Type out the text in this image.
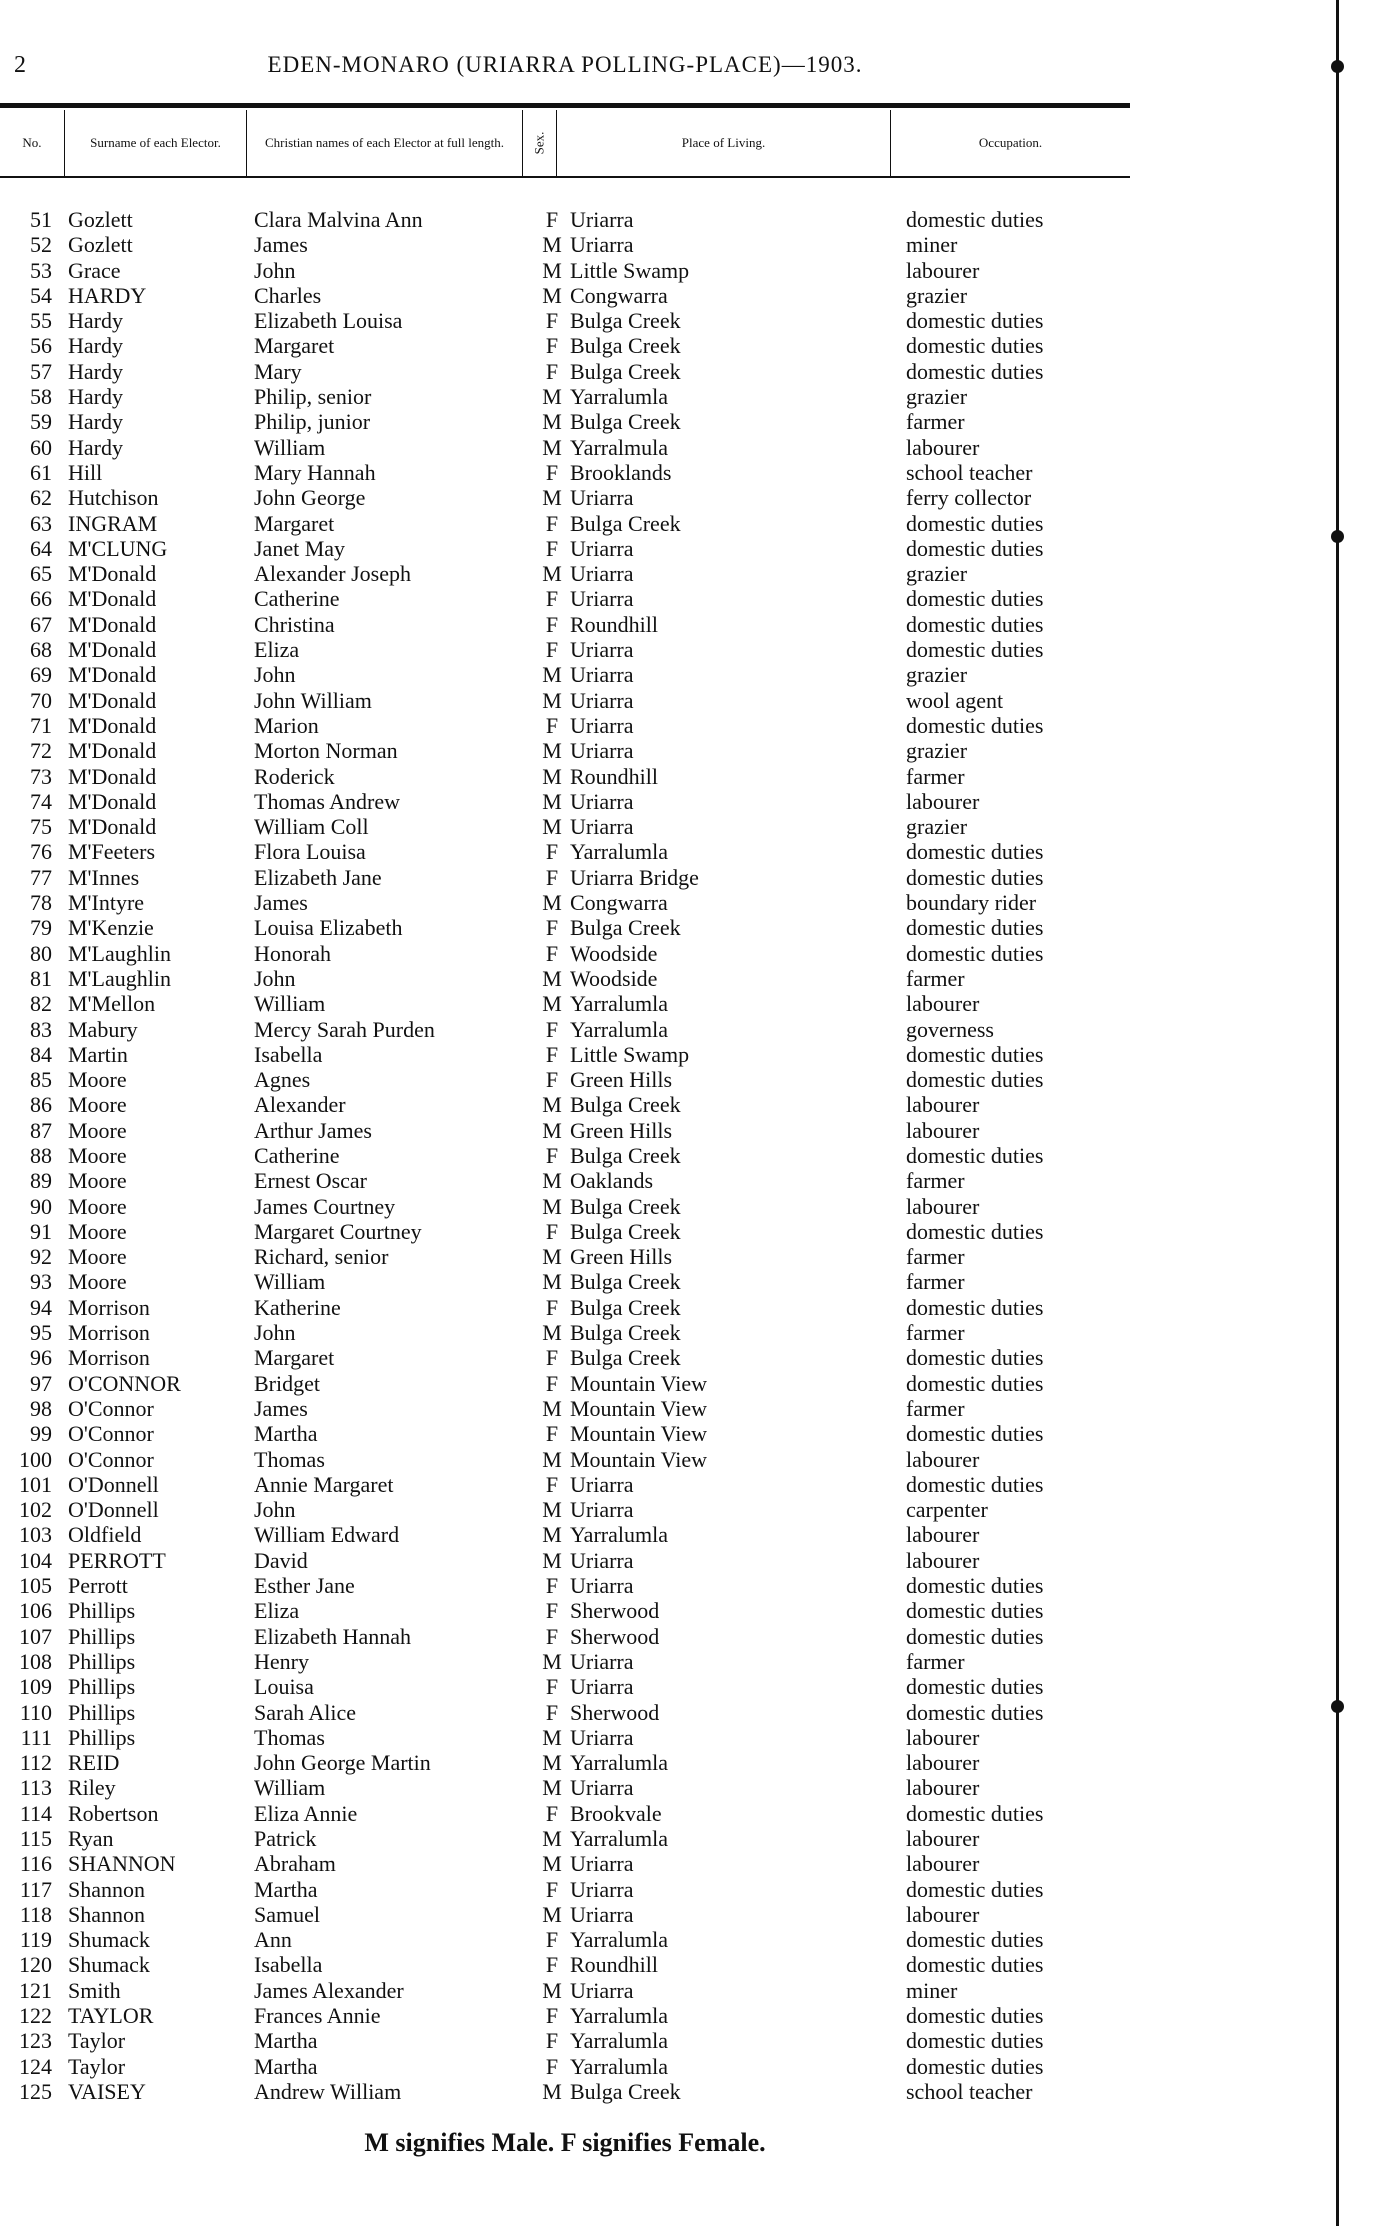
2	EDEN-MONARO (URIARRA POLLING-PLACE)—1903.
No.	Surname of each Elector.	Christian names of each Elector at full length.	Sex.	Place of Living.	Occupation.
51 Gozlett	Clara Malvina Ann	F Uriarra	domestic duties
52 Gozlett	James	M Uriarra	miner
53 Grace	John	M Little Swamp	labourer
54 HARDY	Charles	M Congwarra	grazier
55 Hardy	Elizabeth Louisa	F Bulga Creek	domestic duties
56 Hardy	Margaret	F Bulga Creek	domestic duties
57 Hardy	Mary	F Bulga Creek	domestic duties
58 Hardy	Philip, senior	M Yarralumla	grazier
59 Hardy	Philip, junior	M Bulga Creek	farmer
60 Hardy	William	M Yarralmula	labourer
61 Hill	Mary Hannah	F Brooklands	school teacher
62 Hutchison	John George	M Uriarra	ferry collector
63 INGRAM	Margaret	F Bulga Creek	domestic duties
64 M'CLUNG	Janet May	F Uriarra	domestic duties
65 M'Donald	Alexander Joseph	M Uriarra	grazier
66 M'Donald	Catherine	F Uriarra	domestic duties
67 M'Donald	Christina	F Roundhill	domestic duties
68 M'Donald	Eliza	F Uriarra	domestic duties
69 M'Donald	John	M Uriarra	grazier
70 M'Donald	John William	M Uriarra	wool agent
71 M'Donald	Marion	F Uriarra	domestic duties
72 M'Donald	Morton Norman	M Uriarra	grazier
73 M'Donald	Roderick	M Roundhill	farmer
74 M'Donald	Thomas Andrew	M Uriarra	labourer
75 M'Donald	William Coll	M Uriarra	grazier
76 M'Feeters	Flora Louisa	F Yarralumla	domestic duties
77 M'Innes	Elizabeth Jane	F Uriarra Bridge	domestic duties
78 M'Intyre	James	M Congwarra	boundary rider
79 M'Kenzie	Louisa Elizabeth	F Bulga Creek	domestic duties
80 M'Laughlin	Honorah	F Woodside	domestic duties
81 M'Laughlin	John	M Woodside	farmer
82 M'Mellon	William	M Yarralumla	labourer
83 Mabury	Mercy Sarah Purden	F Yarralumla	governess
84 Martin	Isabella	F Little Swamp	domestic duties
85 Moore	Agnes	F Green Hills	domestic duties
86 Moore	Alexander	M Bulga Creek	labourer
87 Moore	Arthur James	M Green Hills	labourer
88 Moore	Catherine	F Bulga Creek	domestic duties
89 Moore	Ernest Oscar	M Oaklands	farmer
90 Moore	James Courtney	M Bulga Creek	labourer
91 Moore	Margaret Courtney	F Bulga Creek	domestic duties
92 Moore	Richard, senior	M Green Hills	farmer
93 Moore	William	M Bulga Creek	farmer
94 Morrison	Katherine	F Bulga Creek	domestic duties
95 Morrison	John	M Bulga Creek	farmer
96 Morrison	Margaret	F Bulga Creek	domestic duties
97 O'CONNOR	Bridget	F Mountain View	domestic duties
98 O'Connor	James	M Mountain View	farmer
99 O'Connor	Martha	F Mountain View	domestic duties
100 O'Connor	Thomas	M Mountain View	labourer
101 O'Donnell	Annie Margaret	F Uriarra	domestic duties
102 O'Donnell	John	M Uriarra	carpenter
103 Oldfield	William Edward	M Yarralumla	labourer
104 PERROTT	David	M Uriarra	labourer
105 Perrott	Esther Jane	F Uriarra	domestic duties
106 Phillips	Eliza	F Sherwood	domestic duties
107 Phillips	Elizabeth Hannah	F Sherwood	domestic duties
108 Phillips	Henry	M Uriarra	farmer
109 Phillips	Louisa	F Uriarra	domestic duties
110 Phillips	Sarah Alice	F Sherwood	domestic duties
111 Phillips	Thomas	M Uriarra	labourer
112 REID	John George Martin	M Yarralumla	labourer
113 Riley	William	M Uriarra	labourer
114 Robertson	Eliza Annie	F Brookvale	domestic duties
115 Ryan	Patrick	M Yarralumla	labourer
116 SHANNON	Abraham	M Uriarra	labourer
117 Shannon	Martha	F Uriarra	domestic duties
118 Shannon	Samuel	M Uriarra	labourer
119 Shumack	Ann	F Yarralumla	domestic duties
120 Shumack	Isabella	F Roundhill	domestic duties
121 Smith	James Alexander	M Uriarra	miner
122 TAYLOR	Frances Annie	F Yarralumla	domestic duties
123 Taylor	Martha	F Yarralumla	domestic duties
124 Taylor	Martha	F Yarralumla	domestic duties
125 VAISEY	Andrew William	M Bulga Creek	school teacher
M signifies Male. F signifies Female.
